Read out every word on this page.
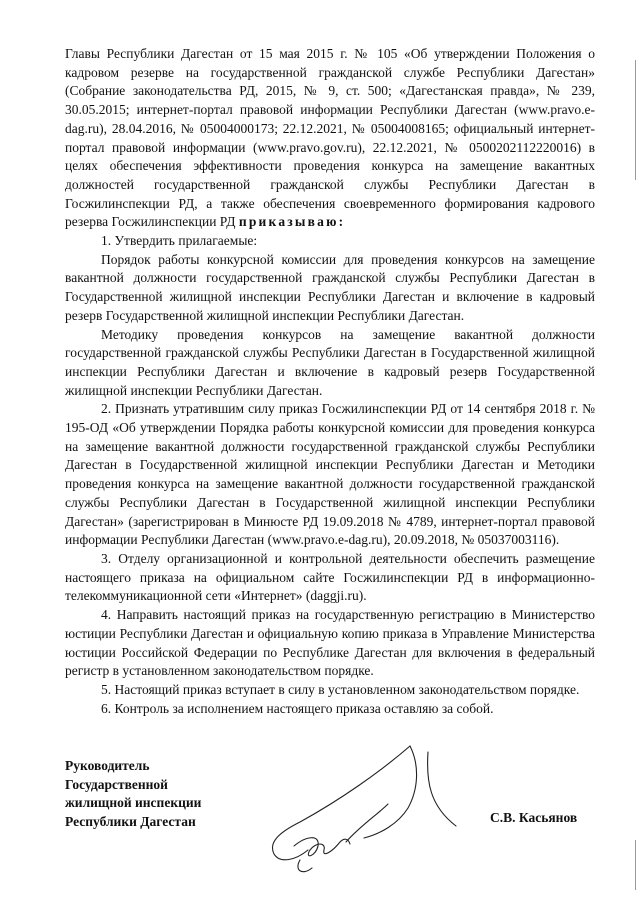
Главы Республики Дагестан от 15 мая 2015 г. № 105 «Об утверждении Положения о кадровом резерве на государственной гражданской службе Республики Дагестан» (Собрание законодательства РД, 2015, № 9, ст. 500; «Дагестанская правда», № 239, 30.05.2015; интернет-портал правовой информации Республики Дагестан (www.pravo.e-dag.ru), 28.04.2016, № 05004000173; 22.12.2021, № 05004008165; официальный интернет-портал правовой информации (www.pravo.gov.ru), 22.12.2021, № 0500202112220016) в целях обеспечения эффективности проведения конкурса на замещение вакантных должностей государственной гражданской службы Республики Дагестан в Госжилинспекции РД, а также обеспечения своевременного формирования кадрового резерва Госжилинспекции РД приказываю:

1. Утвердить прилагаемые:

Порядок работы конкурсной комиссии для проведения конкурсов на замещение вакантной должности государственной гражданской службы Республики Дагестан в Государственной жилищной инспекции Республики Дагестан и включение в кадровый резерв Государственной жилищной инспекции Республики Дагестан.

Методику проведения конкурсов на замещение вакантной должности государственной гражданской службы Республики Дагестан в Государственной жилищной инспекции Республики Дагестан и включение в кадровый резерв Государственной жилищной инспекции Республики Дагестан.

2. Признать утратившим силу приказ Госжилинспекции РД от 14 сентября 2018 г. № 195-ОД «Об утверждении Порядка работы конкурсной комиссии для проведения конкурса на замещение вакантной должности государственной гражданской службы Республики Дагестан в Государственной жилищной инспекции Республики Дагестан и Методики проведения конкурса на замещение вакантной должности государственной гражданской службы Республики Дагестан в Государственной жилищной инспекции Республики Дагестан» (зарегистрирован в Минюсте РД 19.09.2018 № 4789, интернет-портал правовой информации Республики Дагестан (www.pravo.e-dag.ru), 20.09.2018, № 05037003116).

3. Отделу организационной и контрольной деятельности обеспечить размещение настоящего приказа на официальном сайте Госжилинспекции РД в информационно-телекоммуникационной сети «Интернет» (daggji.ru).

4. Направить настоящий приказ на государственную регистрацию в Министерство юстиции Республики Дагестан и официальную копию приказа в Управление Министерства юстиции Российской Федерации по Республике Дагестан для включения в федеральный регистр в установленном законодательством порядке.

5. Настоящий приказ вступает в силу в установленном законодательством порядке.

6. Контроль за исполнением настоящего приказа оставляю за собой.

Руководитель
Государственной
жилищной инспекции
Республики Дагестан	С.В. Касьянов
